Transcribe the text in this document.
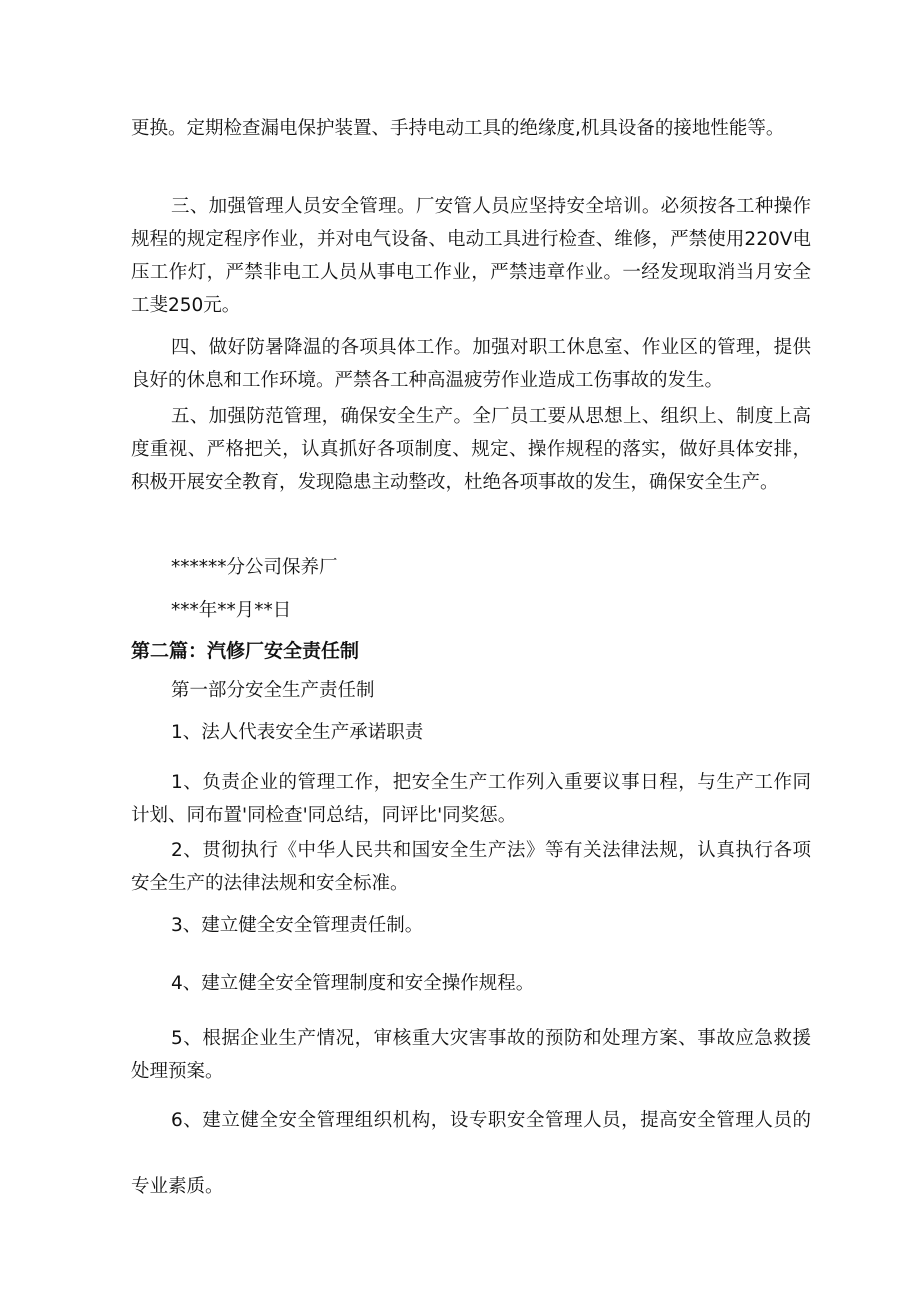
更换。定期检查漏电保护装置、手持电动工具的绝缘度,机具设备的接地性能等。

三、加强管理人员安全管理。厂安管人员应坚持安全培训。必须按各工种操作规程的规定程序作业，并对电气设备、电动工具进行检查、维修，严禁使用220V电压工作灯，严禁非电工人员从事电工作业，严禁违章作业。一经发现取消当月安全工斐250元。

四、做好防暑降温的各项具体工作。加强对职工休息室、作业区的管理，提供良好的休息和工作环境。严禁各工种高温疲劳作业造成工伤事故的发生。

五、加强防范管理，确保安全生产。全厂员工要从思想上、组织上、制度上高度重视、严格把关，认真抓好各项制度、规定、操作规程的落实，做好具体安排，积极开展安全教育，发现隐患主动整改，杜绝各项事故的发生，确保安全生产。

******分公司保养厂

***年**月**日

第二篇：汽修厂安全责任制

第一部分安全生产责任制

1、法人代表安全生产承诺职责

1、负责企业的管理工作，把安全生产工作列入重要议事日程，与生产工作同计划、同布置'同检查'同总结，同评比'同奖惩。

2、贯彻执行《中华人民共和国安全生产法》等有关法律法规，认真执行各项安全生产的法律法规和安全标准。

3、建立健全安全管理责任制。

4、建立健全安全管理制度和安全操作规程。

5、根据企业生产情况，审核重大灾害事故的预防和处理方案、事故应急救援处理预案。

6、建立健全安全管理组织机构，设专职安全管理人员，提高安全管理人员的专业素质。
